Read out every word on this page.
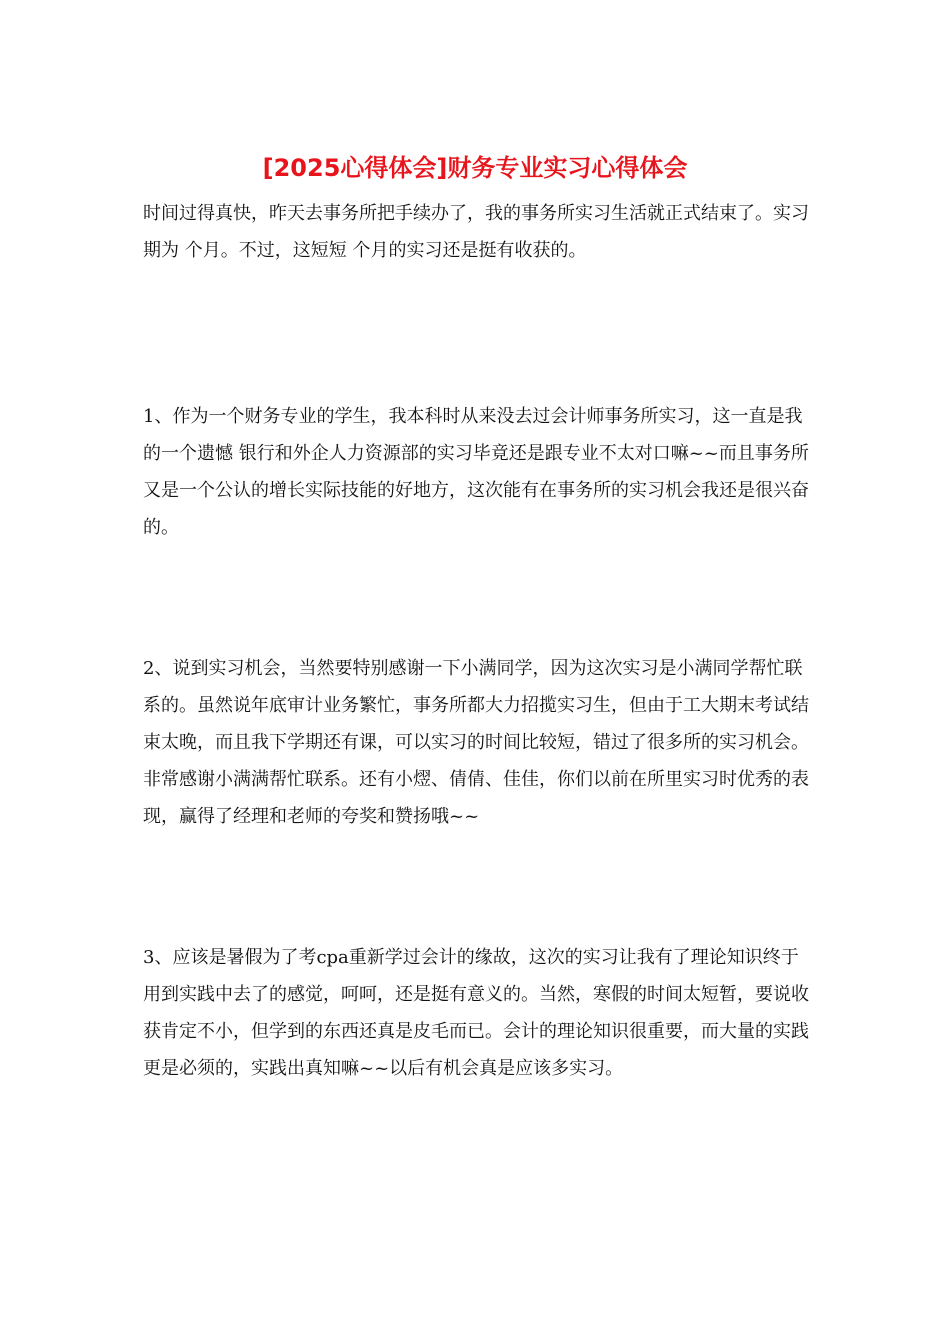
[2025心得体会]财务专业实习心得体会

时间过得真快，昨天去事务所把手续办了，我的事务所实习生活就正式结束了。实习期为 个月。不过，这短短 个月的实习还是挺有收获的。

1、作为一个财务专业的学生，我本科时从来没去过会计师事务所实习，这一直是我的一个遗憾 银行和外企人力资源部的实习毕竟还是跟专业不太对口嘛~~而且事务所又是一个公认的增长实际技能的好地方，这次能有在事务所的实习机会我还是很兴奋的。

2、说到实习机会，当然要特别感谢一下小满同学，因为这次实习是小满同学帮忙联系的。虽然说年底审计业务繁忙，事务所都大力招揽实习生，但由于工大期末考试结束太晚，而且我下学期还有课，可以实习的时间比较短，错过了很多所的实习机会。非常感谢小满满帮忙联系。还有小熤、倩倩、佳佳，你们以前在所里实习时优秀的表现，赢得了经理和老师的夸奖和赞扬哦~~

3、应该是暑假为了考cpa重新学过会计的缘故，这次的实习让我有了理论知识终于用到实践中去了的感觉，呵呵，还是挺有意义的。当然，寒假的时间太短暂，要说收获肯定不小，但学到的东西还真是皮毛而已。会计的理论知识很重要，而大量的实践更是必须的，实践出真知嘛~~以后有机会真是应该多实习。
